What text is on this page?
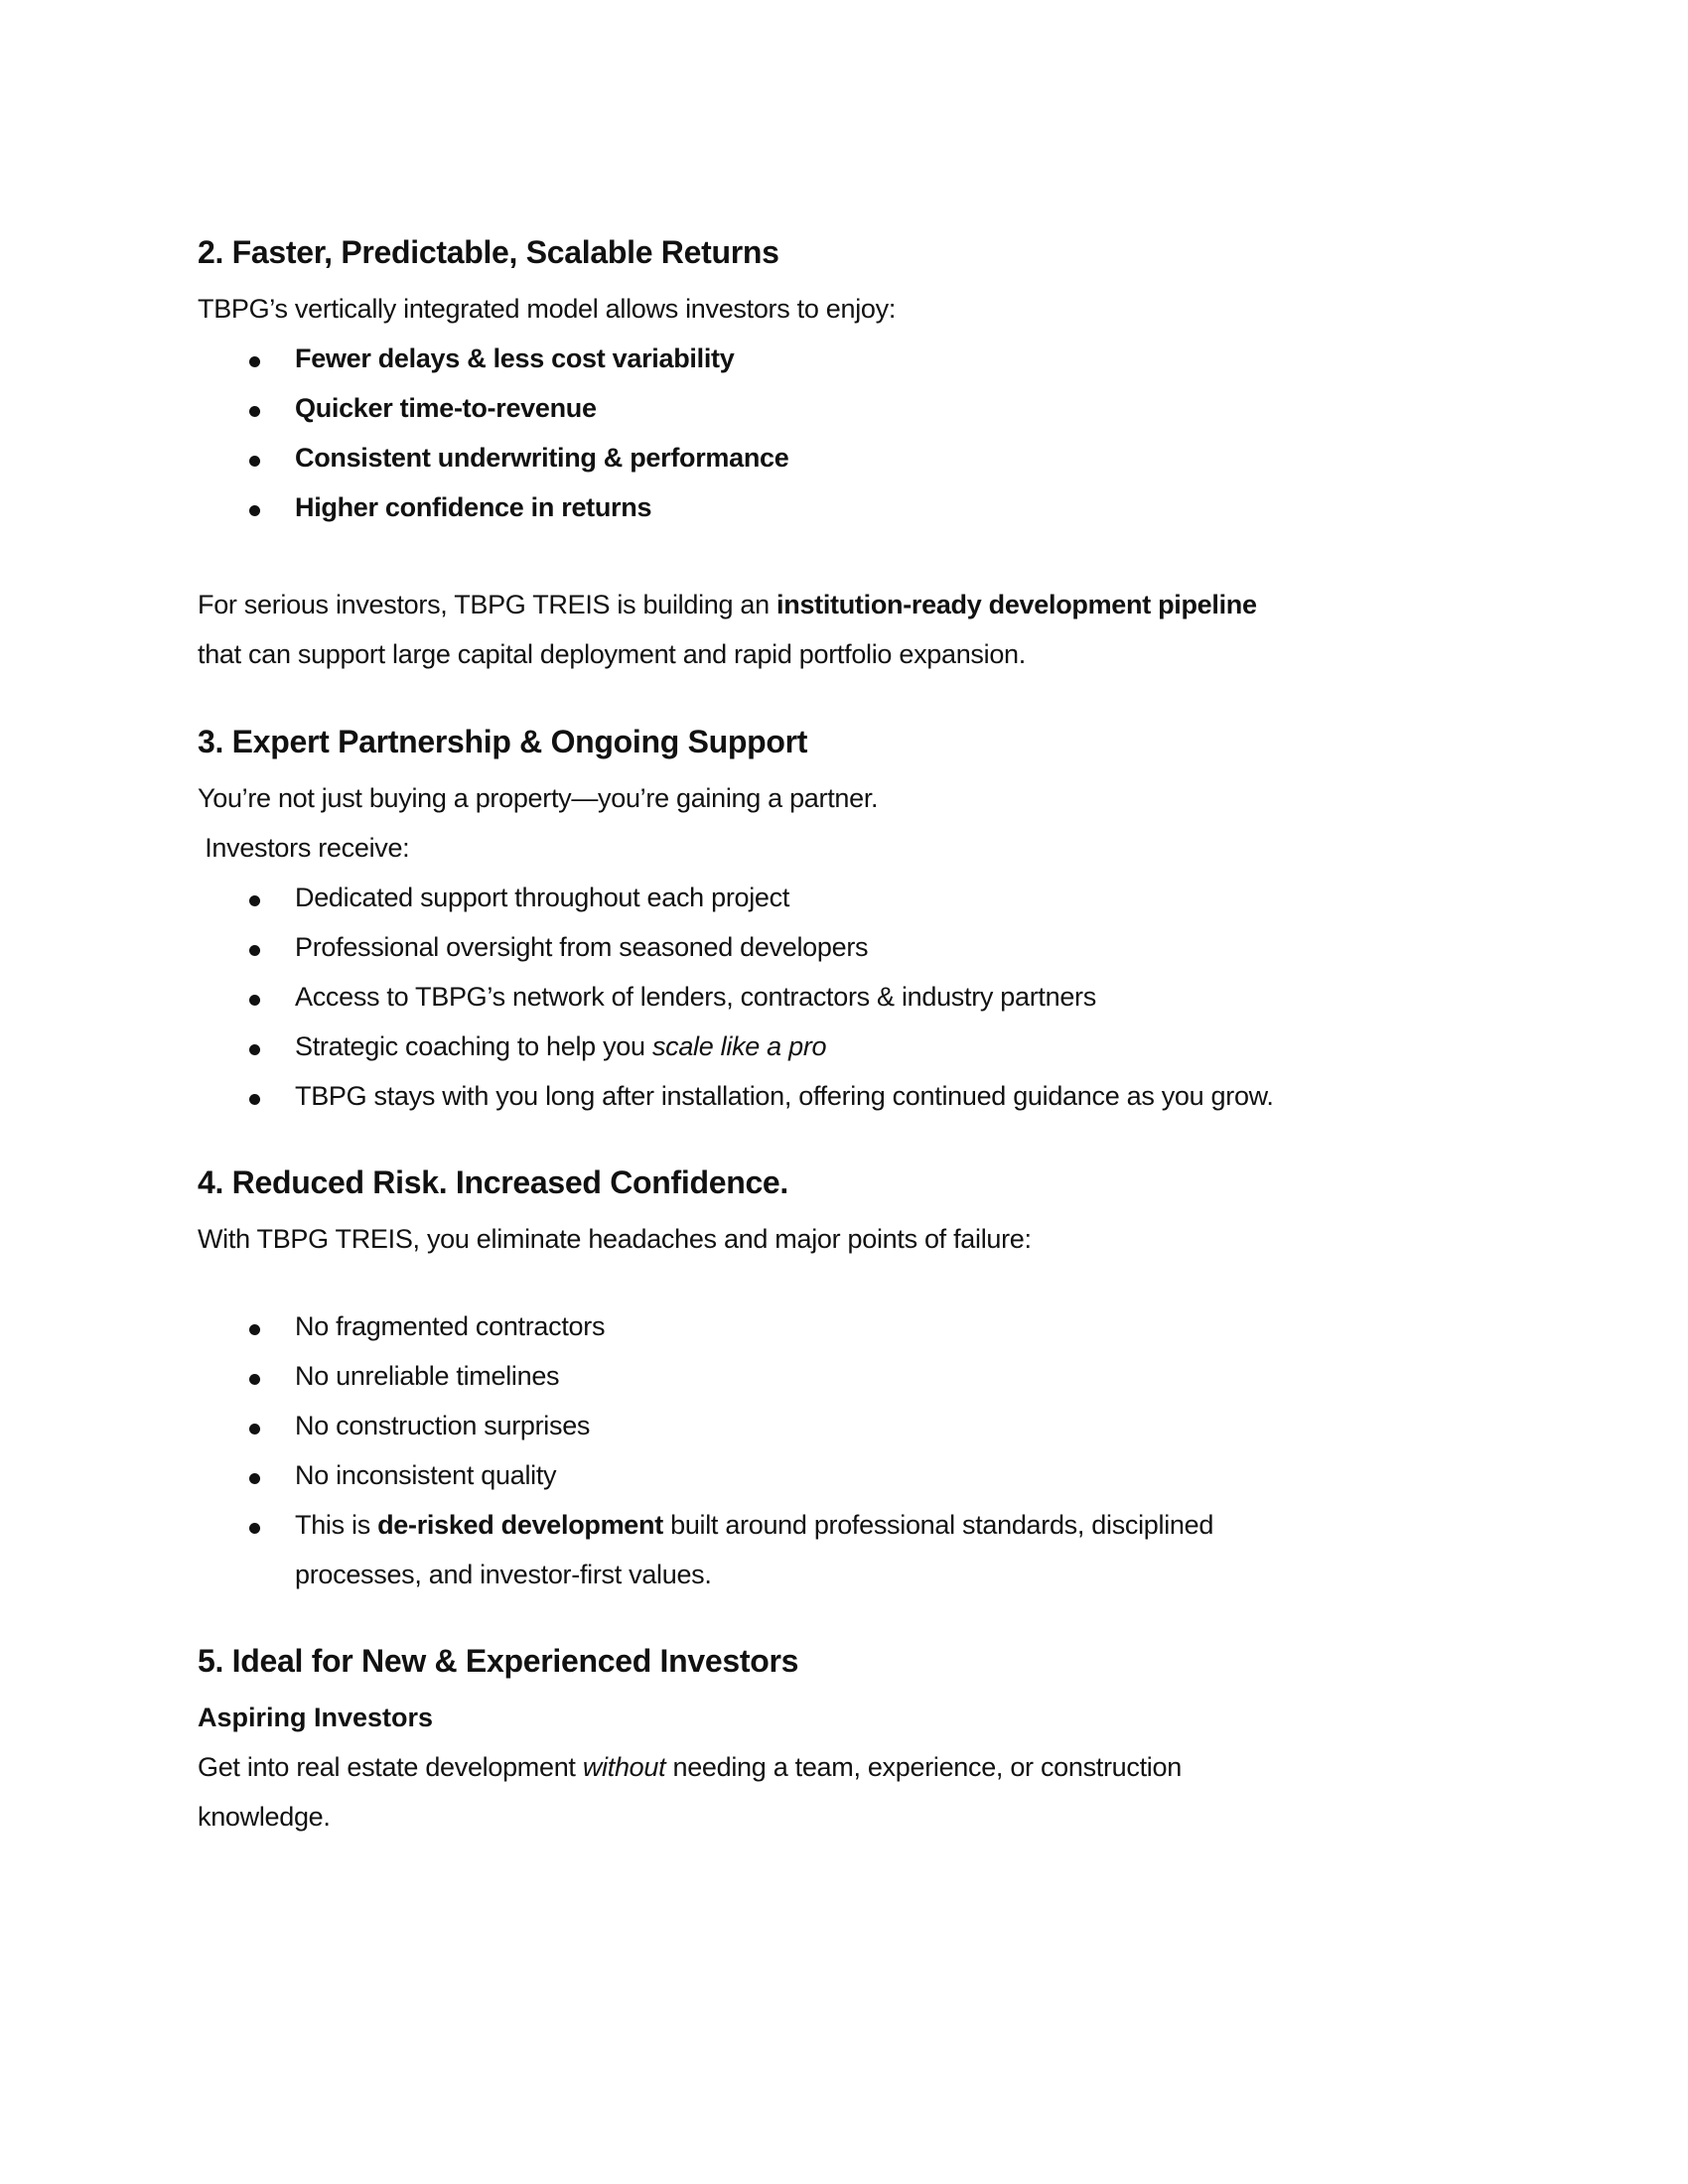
2. Faster, Predictable, Scalable Returns
TBPG’s vertically integrated model allows investors to enjoy:
Fewer delays & less cost variability
Quicker time-to-revenue
Consistent underwriting & performance
Higher confidence in returns
For serious investors, TBPG TREIS is building an institution-ready development pipeline
that can support large capital deployment and rapid portfolio expansion.
3. Expert Partnership & Ongoing Support
You’re not just buying a property—you’re gaining a partner.
Investors receive:
Dedicated support throughout each project
Professional oversight from seasoned developers
Access to TBPG’s network of lenders, contractors & industry partners
Strategic coaching to help you scale like a pro
TBPG stays with you long after installation, offering continued guidance as you grow.
4. Reduced Risk. Increased Confidence.
With TBPG TREIS, you eliminate headaches and major points of failure:
No fragmented contractors
No unreliable timelines
No construction surprises
No inconsistent quality
This is de-risked development built around professional standards, disciplined
processes, and investor-first values.
5. Ideal for New & Experienced Investors
Aspiring Investors
Get into real estate development without needing a team, experience, or construction
knowledge.
